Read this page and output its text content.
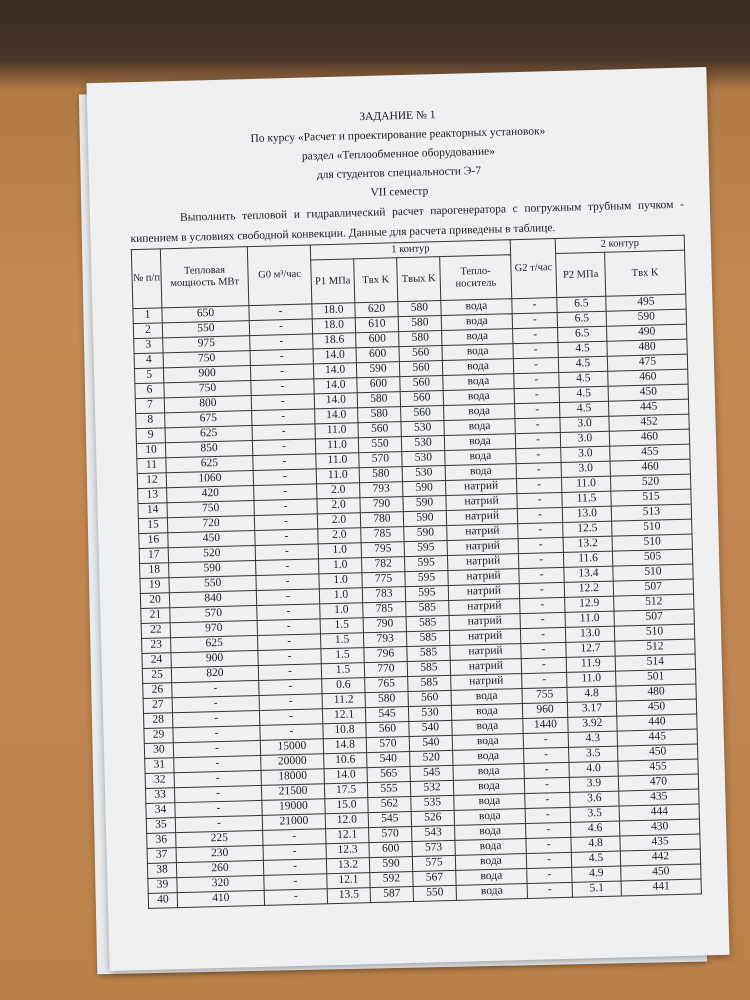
ЗАДАНИЕ № 1
По курсу «Расчет и проектирование реакторных установок»
раздел «Теплообменное оборудование»
для студентов специальности Э-7
VII семестр
Выполнить тепловой и гидравлический расчет парогенератора с погружным трубным пучком - кипением в условиях свободной конвекции. Данные для расчета приведены в таблице.
№ п/п	Тепловая мощность МВт	G0 м³/час	1 контур				G2 т/час	2 контур	
			P1 МПа	Tвх K	Tвых K	Тепло-носитель		P2 МПа	Tвх K
1	650	-	18.0	620	580	вода	-	6.5	495
2	550	-	18.0	610	580	вода	-	6.5	590
3	975	-	18.6	600	580	вода	-	6.5	490
4	750	-	14.0	600	560	вода	-	4.5	480
5	900	-	14.0	590	560	вода	-	4.5	475
6	750	-	14.0	600	560	вода	-	4.5	460
7	800	-	14.0	580	560	вода	-	4.5	450
8	675	-	14.0	580	560	вода	-	4.5	445
9	625	-	11.0	560	530	вода	-	3.0	452
10	850	-	11.0	550	530	вода	-	3.0	460
11	625	-	11.0	570	530	вода	-	3.0	455
12	1060	-	11.0	580	530	вода	-	3.0	460
13	420	-	2.0	793	590	натрий	-	11.0	520
14	750	-	2.0	790	590	натрий	-	11.5	515
15	720	-	2.0	780	590	натрий	-	13.0	513
16	450	-	2.0	785	590	натрий	-	12.5	510
17	520	-	1.0	795	595	натрий	-	13.2	510
18	590	-	1.0	782	595	натрий	-	11.6	505
19	550	-	1.0	775	595	натрий	-	13.4	510
20	840	-	1.0	783	595	натрий	-	12.2	507
21	570	-	1.0	785	585	натрий	-	12.9	512
22	970	-	1.5	790	585	натрий	-	11.0	507
23	625	-	1.5	793	585	натрий	-	13.0	510
24	900	-	1.5	796	585	натрий	-	12.7	512
25	820	-	1.5	770	585	натрий	-	11.9	514
26	-	-	0.6	765	585	натрий	-	11.0	501
27	-	-	11.2	580	560	вода	755	4.8	480
28	-	-	12.1	545	530	вода	960	3.17	450
29	-	-	10.8	560	540	вода	1440	3.92	440
30	-	15000	14.8	570	540	вода	-	4.3	445
31	-	20000	10.6	540	520	вода	-	3.5	450
32	-	18000	14.0	565	545	вода	-	4.0	455
33	-	21500	17.5	555	532	вода	-	3.9	470
34	-	19000	15.0	562	535	вода	-	3.6	435
35	-	21000	12.0	545	526	вода	-	3.5	444
36	225	-	12.1	570	543	вода	-	4.6	430
37	230	-	12.3	600	573	вода	-	4.8	435
38	260	-	13.2	590	575	вода	-	4.5	442
39	320	-	12.1	592	567	вода	-	4.9	450
40	410	-	13.5	587	550	вода	-	5.1	441
